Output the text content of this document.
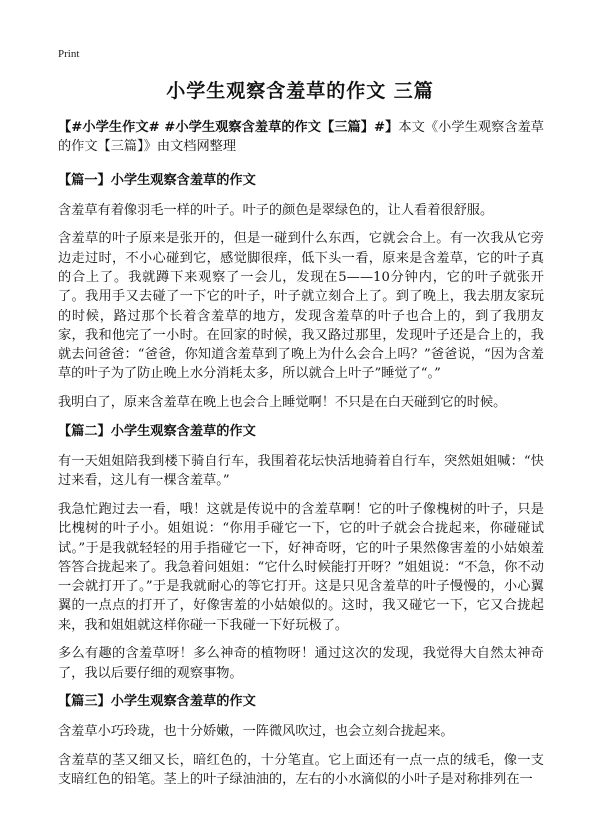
Print
小学生观察含羞草的作文 三篇

【#小学生作文# #小学生观察含羞草的作文【三篇】#】本文《小学生观察含羞草的作文【三篇】》由文档网整理

【篇一】小学生观察含羞草的作文

含羞草有着像羽毛一样的叶子。叶子的颜色是翠绿色的，让人看着很舒服。

含羞草的叶子原来是张开的，但是一碰到什么东西，它就会合上。有一次我从它旁边走过时，不小心碰到它，感觉脚很痒，低下头一看，原来是含羞草，它的叶子真的合上了。我就蹲下来观察了一会儿，发现在5——10分钟内，它的叶子就张开了。我用手又去碰了一下它的叶子，叶子就立刻合上了。到了晚上，我去朋友家玩的时候，路过那个长着含羞草的地方，发现含羞草的叶子也合上的，到了我朋友家，我和他完了一小时。在回家的时候，我又路过那里，发现叶子还是合上的，我就去问爸爸：“爸爸，你知道含羞草到了晚上为什么会合上吗？”爸爸说，“因为含羞草的叶子为了防止晚上水分消耗太多，所以就合上叶子”睡觉了“。”

我明白了，原来含羞草在晚上也会合上睡觉啊！不只是在白天碰到它的时候。

【篇二】小学生观察含羞草的作文

有一天姐姐陪我到楼下骑自行车，我围着花坛快活地骑着自行车，突然姐姐喊：“快过来看，这儿有一棵含羞草。”

我急忙跑过去一看，哦！这就是传说中的含羞草啊！它的叶子像槐树的叶子，只是比槐树的叶子小。姐姐说：“你用手碰它一下，它的叶子就会合拢起来，你碰碰试试。”于是我就轻轻的用手指碰它一下，好神奇呀，它的叶子果然像害羞的小姑娘羞答答合拢起来了。我急着问姐姐：“它什么时候能打开呀？”姐姐说：“不急，你不动一会就打开了。”于是我就耐心的等它打开。这是只见含羞草的叶子慢慢的，小心翼翼的一点点的打开了，好像害羞的小姑娘似的。这时，我又碰它一下，它又合拢起来，我和姐姐就这样你碰一下我碰一下好玩极了。

多么有趣的含羞草呀！多么神奇的植物呀！通过这次的发现，我觉得大自然太神奇了，我以后要仔细的观察事物。

【篇三】小学生观察含羞草的作文

含羞草小巧玲珑，也十分娇嫩，一阵微风吹过，也会立刻合拢起来。

含羞草的茎又细又长，暗红色的，十分笔直。它上面还有一点一点的绒毛，像一支支暗红色的铅笔。茎上的叶子绿油油的，左右的小水滴似的小叶子是对称排列在一
